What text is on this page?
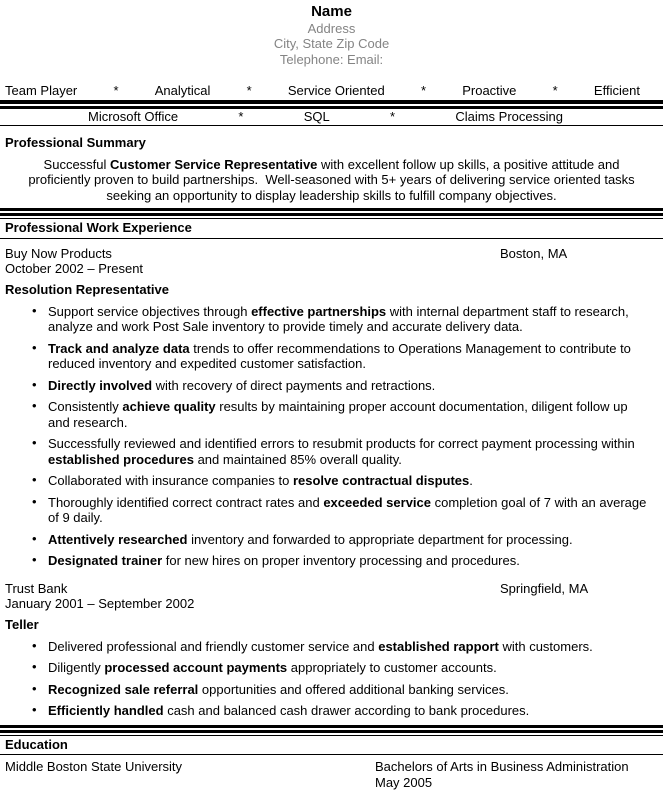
Name
Address
City, State Zip Code
Telephone: Email:
Team Player	*	Analytical	*	Service Oriented	*	Proactive	*	Efficient
Microsoft Office	*	SQL	*	Claims Processing
Professional Summary

Successful Customer Service Representative with excellent follow up skills, a positive attitude and proficiently proven to build partnerships.  Well-seasoned with 5+ years of delivering service oriented tasks seeking an opportunity to display leadership skills to fulfill company objectives.

Professional Work Experience
Buy Now Products	Boston, MA
October 2002 – Present
Resolution Representative
• Support service objectives through effective partnerships with internal department staff to research, analyze and work Post Sale inventory to provide timely and accurate delivery data.
• Track and analyze data trends to offer recommendations to Operations Management to contribute to reduced inventory and expedited customer satisfaction.
• Directly involved with recovery of direct payments and retractions.
• Consistently achieve quality results by maintaining proper account documentation, diligent follow up and research.
• Successfully reviewed and identified errors to resubmit products for correct payment processing within established procedures and maintained 85% overall quality.
• Collaborated with insurance companies to resolve contractual disputes.
• Thoroughly identified correct contract rates and exceeded service completion goal of 7 with an average of 9 daily.
• Attentively researched inventory and forwarded to appropriate department for processing.
• Designated trainer for new hires on proper inventory processing and procedures.
Trust Bank	Springfield, MA
January 2001 – September 2002
Teller
• Delivered professional and friendly customer service and established rapport with customers.
• Diligently processed account payments appropriately to customer accounts.
• Recognized sale referral opportunities and offered additional banking services.
• Efficiently handled cash and balanced cash drawer according to bank procedures.
Education
Middle Boston State University	Bachelors of Arts in Business Administration
May 2005
